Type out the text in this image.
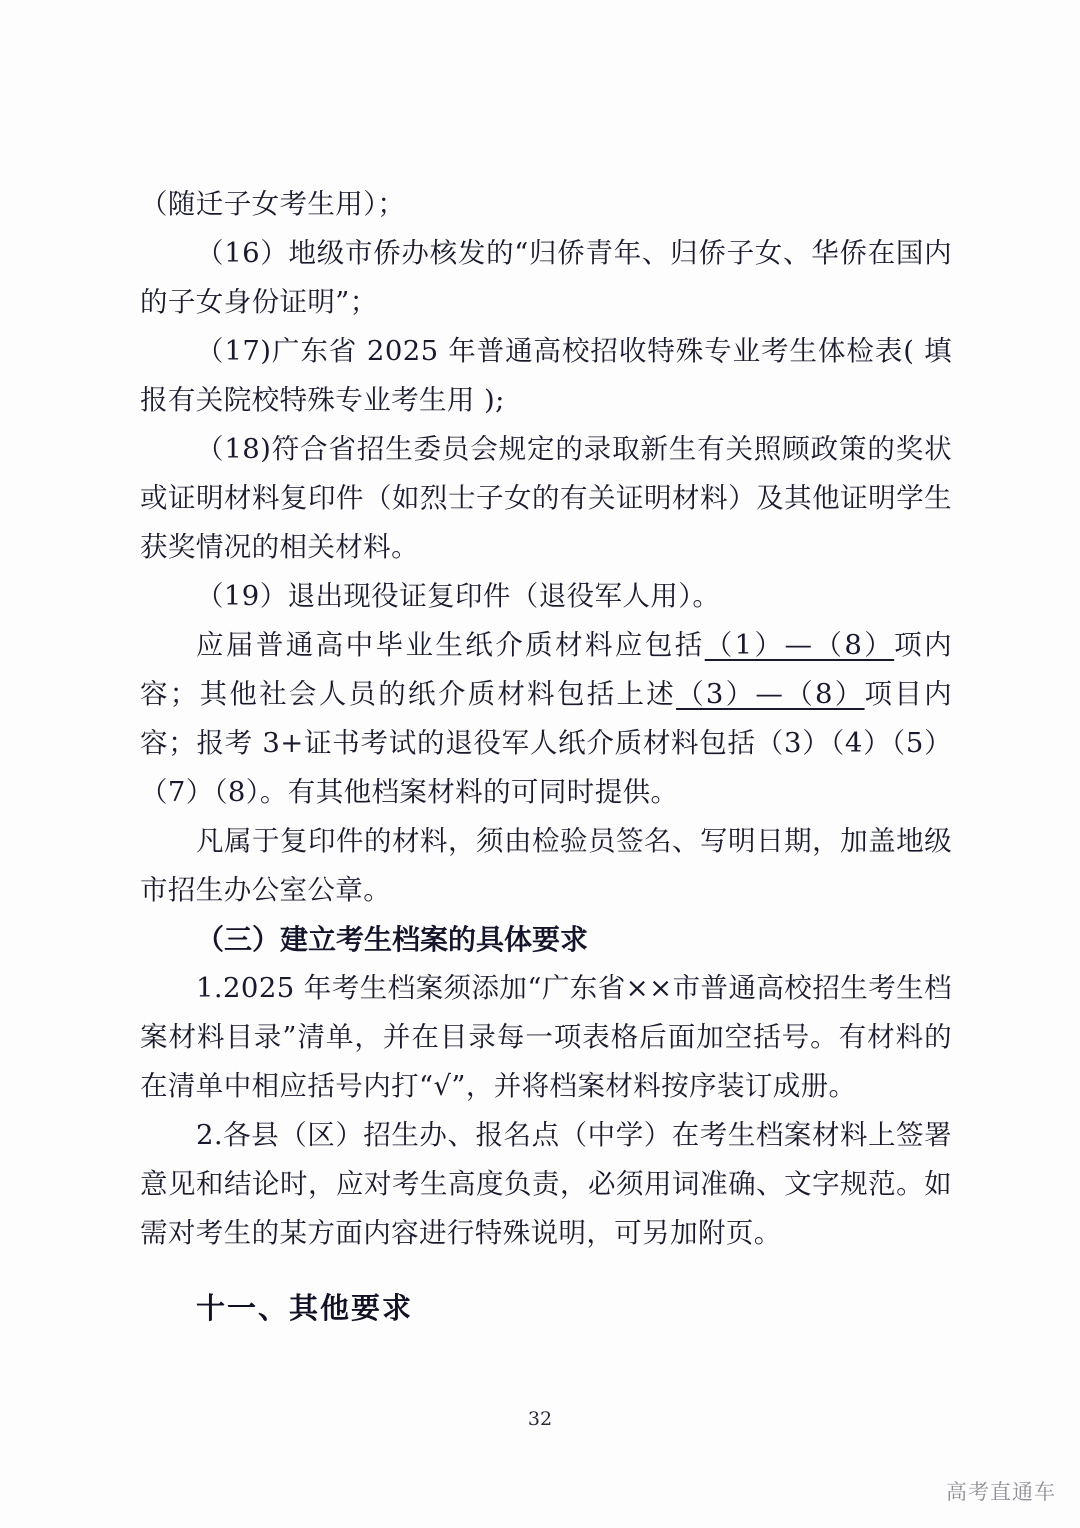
（随迁子女考生用）；

（16）地级市侨办核发的“归侨青年、归侨子女、华侨在国内的子女身份证明”；

（17)广东省 2025 年普通高校招收特殊专业考生体检表( 填报有关院校特殊专业考生用 );

（18)符合省招生委员会规定的录取新生有关照顾政策的奖状或证明材料复印件（如烈士子女的有关证明材料）及其他证明学生获奖情况的相关材料。

（19）退出现役证复印件（退役军人用）。

应届普通高中毕业生纸介质材料应包括（1）—（8）项内容；其他社会人员的纸介质材料包括上述（3）—（8）项目内容；报考 3+证书考试的退役军人纸介质材料包括（3）（4）（5）（7）（8）。有其他档案材料的可同时提供。

凡属于复印件的材料，须由检验员签名、写明日期，加盖地级市招生办公室公章。

（三）建立考生档案的具体要求

1.2025 年考生档案须添加“广东省××市普通高校招生考生档案材料目录”清单，并在目录每一项表格后面加空括号。有材料的在清单中相应括号内打“√”，并将档案材料按序装订成册。

2.各县（区）招生办、报名点（中学）在考生档案材料上签署意见和结论时，应对考生高度负责，必须用词准确、文字规范。如需对考生的某方面内容进行特殊说明，可另加附页。

十一、其他要求

32
高考直通车
